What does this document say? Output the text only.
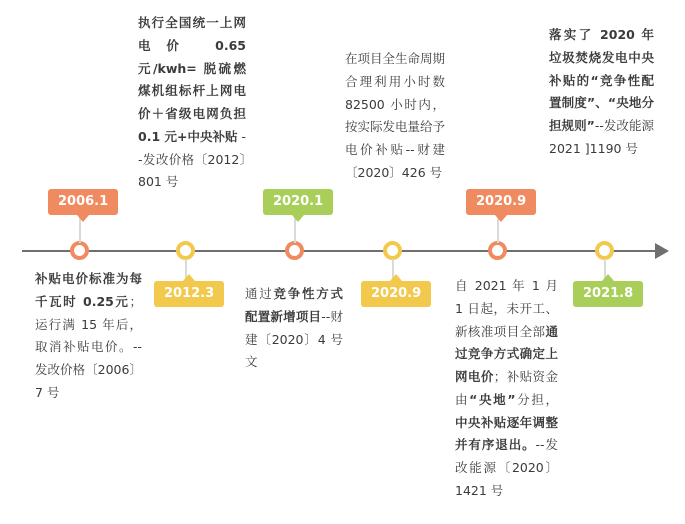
2006.1
2012.3
2020.1
2020.9
2020.9
2021.8
补贴电价标准为每千瓦时 0.25元；运行满 15 年后，取消补贴电价。--发改价格〔2006〕7 号
执行全国统一上网电价 0.65 元/kwh= 脱硫燃煤机组标杆上网电价＋省级电网负担 0.1 元+中央补贴 --发改价格〔2012〕801 号
通过竞争性方式配置新增项目--财建〔2020〕4 号文
在项目全生命周期合理利用小时数 82500 小时内，按实际发电量给予电价补贴--财建〔2020〕426 号
自 2021 年 1 月 1 日起，未开工、新核准项目全部通过竞争方式确定上网电价；补贴资金由“央地”分担，中央补贴逐年调整并有序退出。--发改能源〔2020〕1421 号
落实了 2020 年垃圾焚烧发电中央补贴的“竞争性配置制度”、“央地分担规则”--发改能源 2021 ]1190 号
